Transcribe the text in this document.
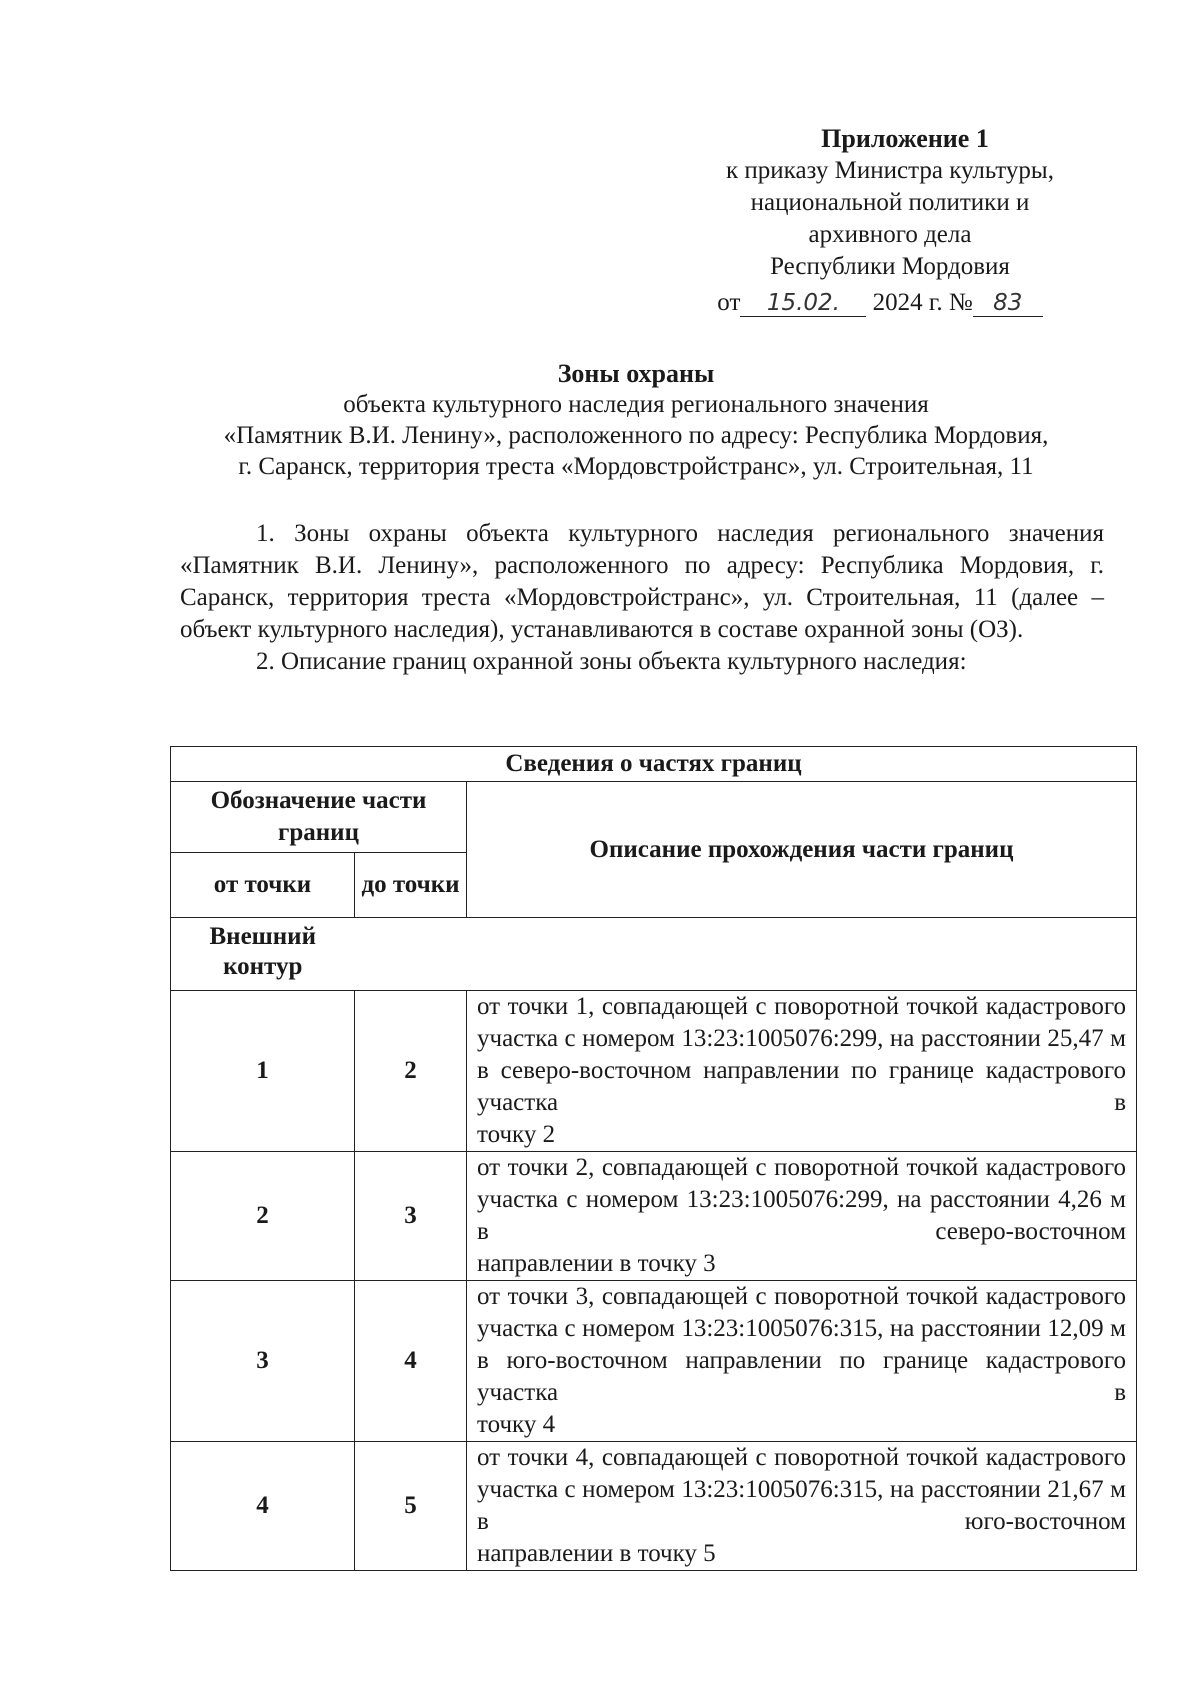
Приложение 1
к приказу Министра культуры,
национальной политики и
архивного дела
Республики Мордовия
от 15.02. 2024 г. № 83
Зоны охраны
объекта культурного наследия регионального значения
«Памятник В.И. Ленину», расположенного по адресу: Республика Мордовия,
г. Саранск, территория треста «Мордовстройстранс», ул. Строительная, 11

1. Зоны охраны объекта культурного наследия регионального значения «Памятник В.И. Ленину», расположенного по адресу: Республика Мордовия, г. Саранск, территория треста «Мордовстройстранс», ул. Строительная, 11 (далее – объект культурного наследия), устанавливаются в составе охранной зоны (ОЗ).

2. Описание границ охранной зоны объекта культурного наследия:

Сведения о частях границ		
Обозначение части границ		Описание прохождения части границ
от точки	до точки	
Внешний контур		
1	2	от точки 1, совпадающей с поворотной точкой кадастрового участка с номером 13:23:1005076:299, на расстоянии 25,47 м в северо-восточном направлении по границе кадастрового участка в
точку 2

2	3	от точки 2, совпадающей с поворотной точкой кадастрового участка с номером 13:23:1005076:299, на расстоянии 4,26 м в северо-восточном
направлении в точку 3

3	4	от точки 3, совпадающей с поворотной точкой кадастрового участка с номером 13:23:1005076:315, на расстоянии 12,09 м в юго-восточном направлении по границе кадастрового участка в
точку 4

4	5	от точки 4, совпадающей с поворотной точкой кадастрового участка с номером 13:23:1005076:315, на расстоянии 21,67 м в юго-восточном
направлении в точку 5
